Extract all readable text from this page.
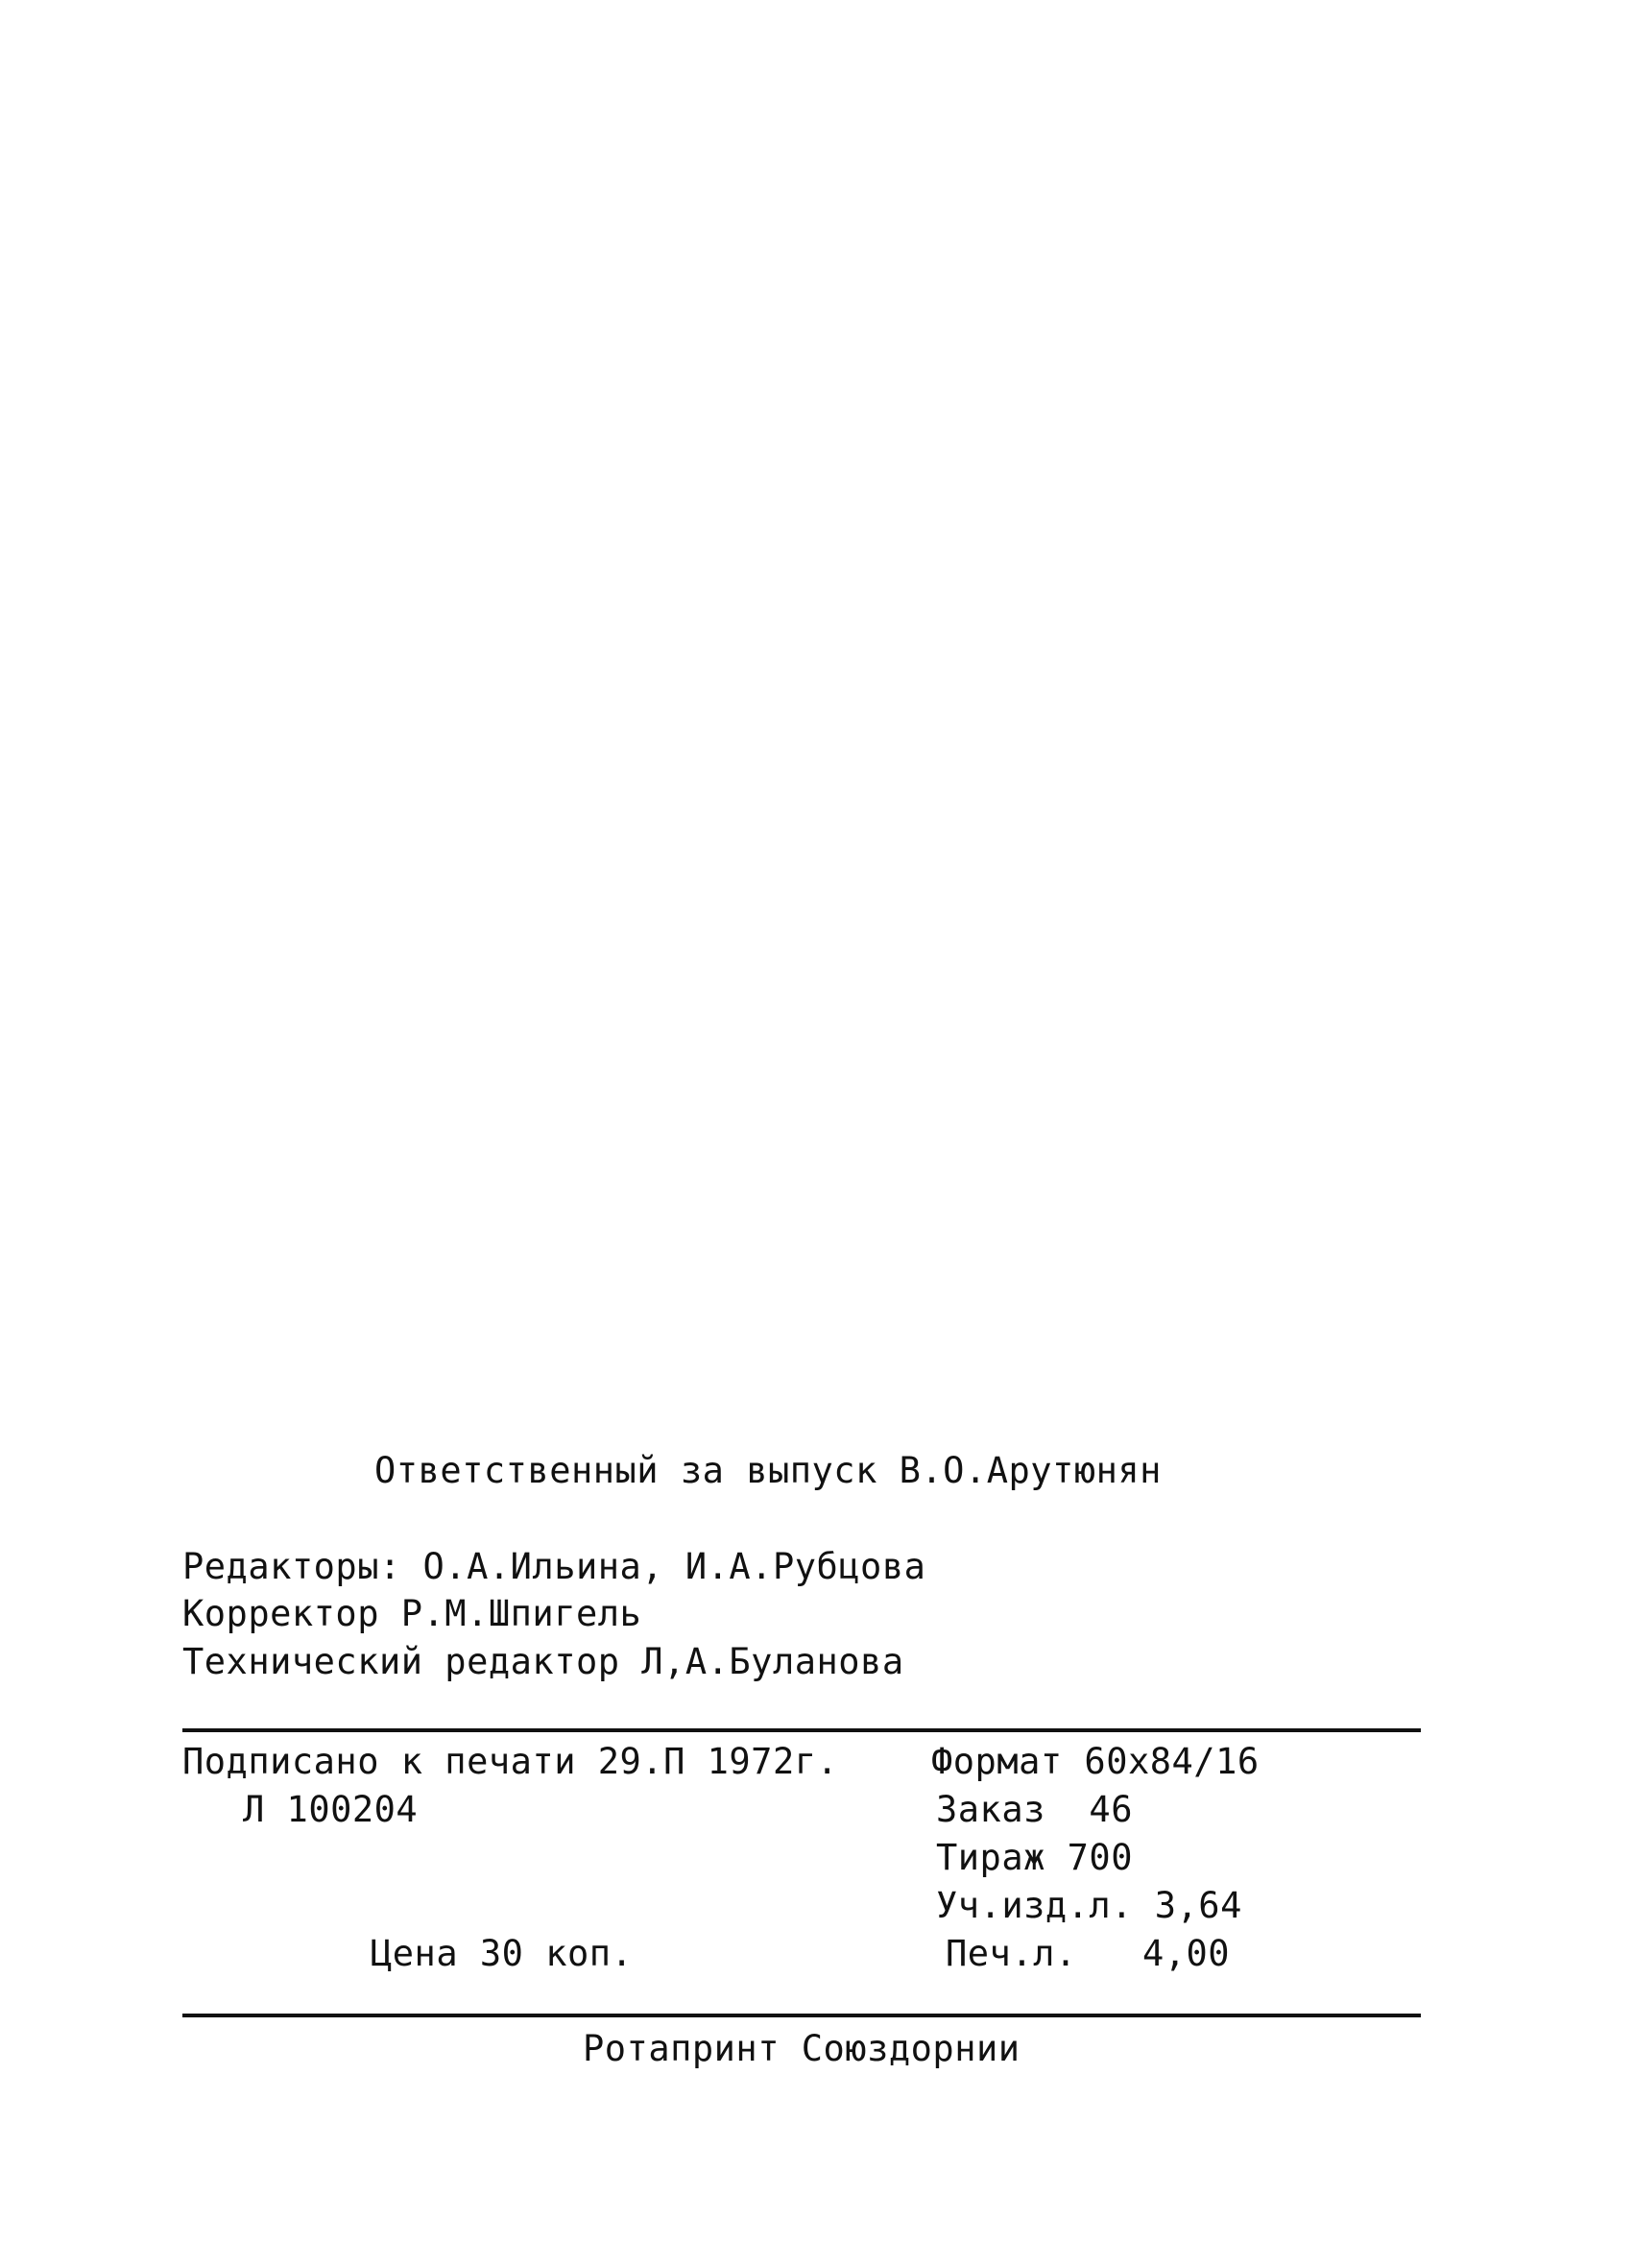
Ответственный за выпуск В.О.Арутюнян
Редакторы: О.А.Ильина, И.А.Рубцова
Корректор Р.М.Шпигель
Технический редактор Л,А.Буланова
Подписано к печати 29.П 1972г.
Л 100204
Цена 30 коп.
Формат 60х84/16
Заказ  46
Тираж 700
Уч.изд.л. 3,64
Печ.л.   4,00
Ротапринт Союздорнии
